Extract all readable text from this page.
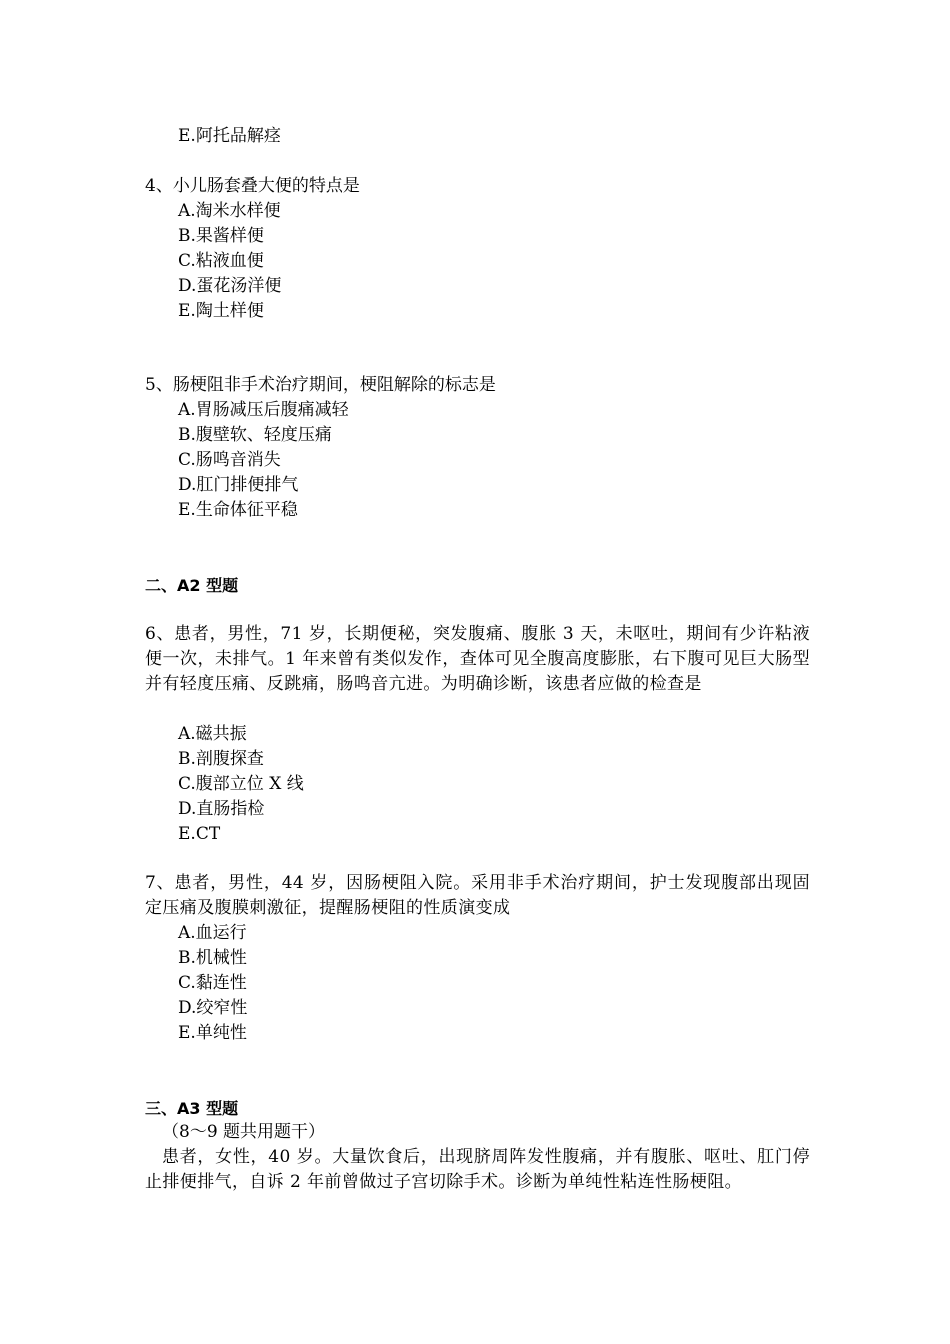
E.阿托品解痉
4、小儿肠套叠大便的特点是
A.淘米水样便
B.果酱样便
C.粘液血便
D.蛋花汤洋便
E.陶土样便
5、肠梗阻非手术治疗期间，梗阻解除的标志是
A.胃肠减压后腹痛减轻
B.腹壁软、轻度压痛
C.肠鸣音消失
D.肛门排便排气
E.生命体征平稳
二、A2 型题
6、患者，男性，71 岁，长期便秘，突发腹痛、腹胀 3 天，未呕吐，期间有少许粘液便一次，未排气。1 年来曾有类似发作，查体可见全腹高度膨胀，右下腹可见巨大肠型并有轻度压痛、反跳痛，肠鸣音亢进。为明确诊断，该患者应做的检查是
A.磁共振
B.剖腹探查
C.腹部立位 X 线
D.直肠指检
E.CT
7、患者，男性，44 岁，因肠梗阻入院。采用非手术治疗期间，护士发现腹部出现固定压痛及腹膜刺激征，提醒肠梗阻的性质演变成
A.血运行
B.机械性
C.黏连性
D.绞窄性
E.单纯性
三、A3 型题
（8～9 题共用题干）
患者，女性，40 岁。大量饮食后，出现脐周阵发性腹痛，并有腹胀、呕吐、肛门停止排便排气，自诉 2 年前曾做过子宫切除手术。诊断为单纯性粘连性肠梗阻。
